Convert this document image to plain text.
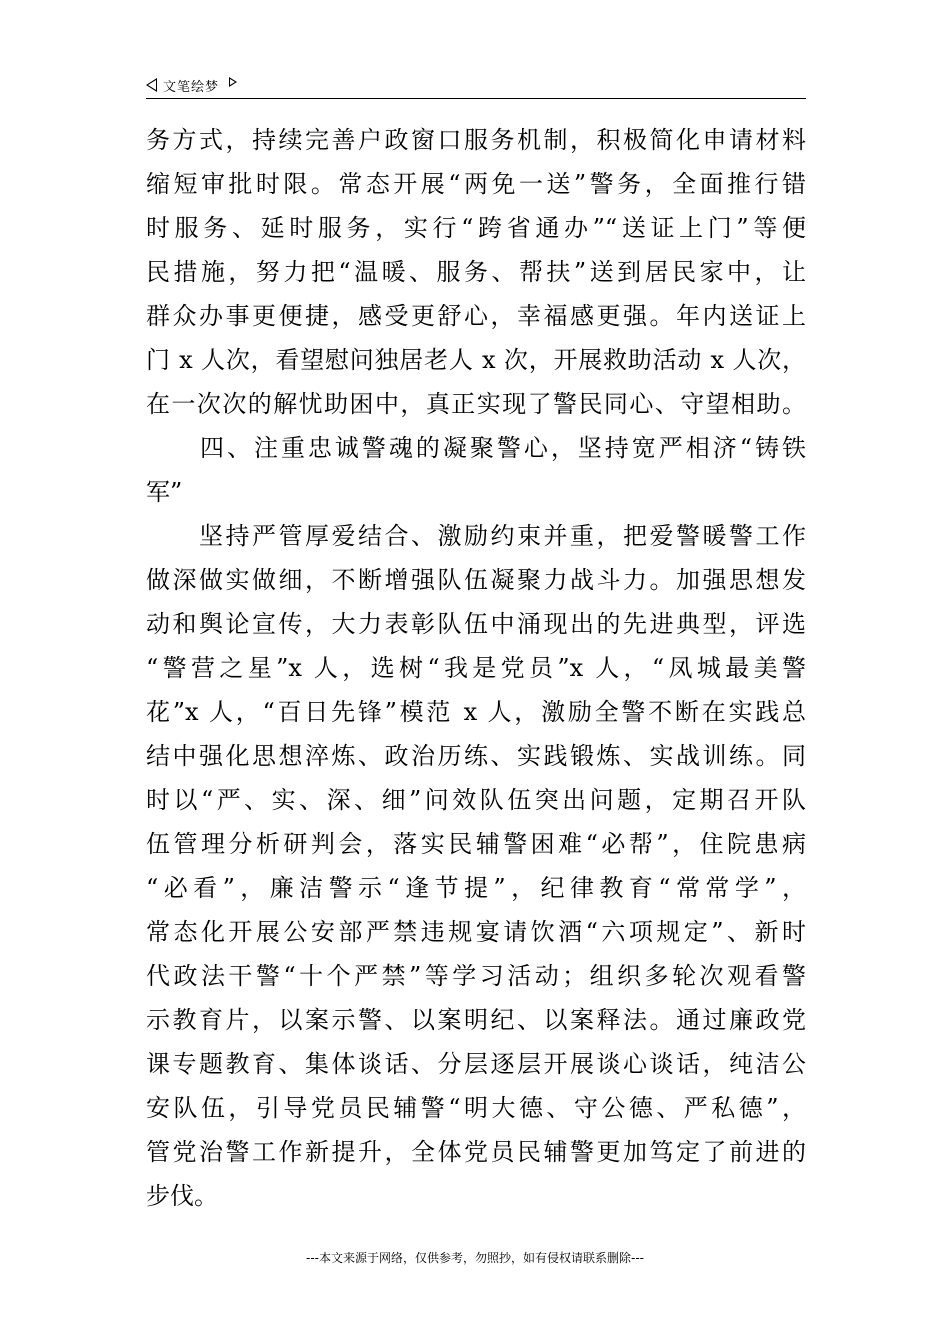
文笔绘梦
务方式，持续完善户政窗口服务机制，积极简化申请材料
缩短审批时限。常态开展“两免一送”警务，全面推行错
时服务、延时服务，实行“跨省通办”“送证上门”等便
民措施，努力把“温暖、服务、帮扶”送到居民家中，让
群众办事更便捷，感受更舒心，幸福感更强。年内送证上
门 x 人次，看望慰问独居老人 x 次，开展救助活动 x 人次，
在一次次的解忧助困中，真正实现了警民同心、守望相助。
　　四、注重忠诚警魂的凝聚警心，坚持宽严相济“铸铁
军”
　　坚持严管厚爱结合、激励约束并重，把爱警暖警工作
做深做实做细，不断增强队伍凝聚力战斗力。加强思想发
动和舆论宣传，大力表彰队伍中涌现出的先进典型，评选
“警营之星”x 人，选树“我是党员”x 人，“凤城最美警
花”x 人，“百日先锋”模范 x 人，激励全警不断在实践总
结中强化思想淬炼、政治历练、实践锻炼、实战训练。同
时以“严、实、深、细”问效队伍突出问题，定期召开队
伍管理分析研判会，落实民辅警困难“必帮”，住院患病
“必看”，廉洁警示“逢节提”，纪律教育“常常学”，
常态化开展公安部严禁违规宴请饮酒“六项规定”、新时
代政法干警“十个严禁”等学习活动；组织多轮次观看警
示教育片，以案示警、以案明纪、以案释法。通过廉政党
课专题教育、集体谈话、分层逐层开展谈心谈话，纯洁公
安队伍，引导党员民辅警“明大德、守公德、严私德”，
管党治警工作新提升，全体党员民辅警更加笃定了前进的
步伐。
---本文来源于网络，仅供参考，勿照抄，如有侵权请联系删除---
